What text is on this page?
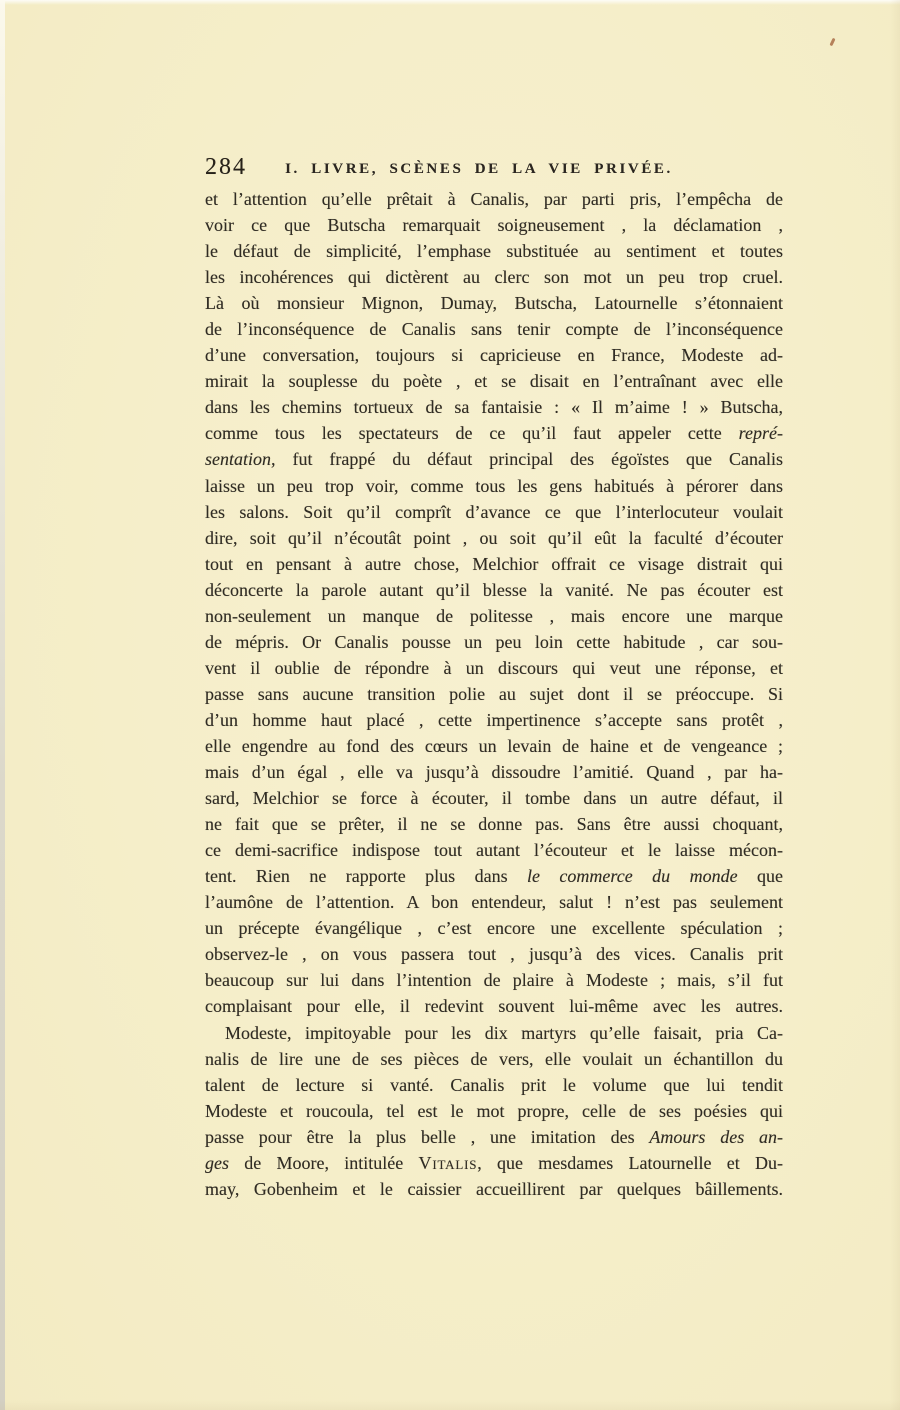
284	I. LIVRE, SCÈNES DE LA VIE PRIVÉE.
et l’attention qu’elle prêtait à Canalis, par parti pris, l’empêcha de
voir ce que Butscha remarquait soigneusement , la déclamation ,
le défaut de simplicité, l’emphase substituée au sentiment et toutes
les incohérences qui dictèrent au clerc son mot un peu trop cruel.
Là où monsieur Mignon, Dumay, Butscha, Latournelle s’étonnaient
de l’inconséquence de Canalis sans tenir compte de l’inconséquence
d’une conversation, toujours si capricieuse en France, Modeste ad-
mirait la souplesse du poète , et se disait en l’entraînant avec elle
dans les chemins tortueux de sa fantaisie : « Il m’aime ! » Butscha,
comme tous les spectateurs de ce qu’il faut appeler cette repré-
sentation, fut frappé du défaut principal des égoïstes que Canalis
laisse un peu trop voir, comme tous les gens habitués à pérorer dans
les salons. Soit qu’il comprît d’avance ce que l’interlocuteur voulait
dire, soit qu’il n’écoutât point , ou soit qu’il eût la faculté d’écouter
tout en pensant à autre chose, Melchior offrait ce visage distrait qui
déconcerte la parole autant qu’il blesse la vanité. Ne pas écouter est
non-seulement un manque de politesse , mais encore une marque
de mépris. Or Canalis pousse un peu loin cette habitude , car sou-
vent il oublie de répondre à un discours qui veut une réponse, et
passe sans aucune transition polie au sujet dont il se préoccupe. Si
d’un homme haut placé , cette impertinence s’accepte sans protêt ,
elle engendre au fond des cœurs un levain de haine et de vengeance ;
mais d’un égal , elle va jusqu’à dissoudre l’amitié. Quand , par ha-
sard, Melchior se force à écouter, il tombe dans un autre défaut, il
ne fait que se prêter, il ne se donne pas. Sans être aussi choquant,
ce demi-sacrifice indispose tout autant l’écouteur et le laisse mécon-
tent. Rien ne rapporte plus dans le commerce du monde que
l’aumône de l’attention. A bon entendeur, salut ! n’est pas seulement
un précepte évangélique , c’est encore une excellente spéculation ;
observez-le , on vous passera tout , jusqu’à des vices. Canalis prit
beaucoup sur lui dans l’intention de plaire à Modeste ; mais, s’il fut
complaisant pour elle, il redevint souvent lui-même avec les autres.
Modeste, impitoyable pour les dix martyrs qu’elle faisait, pria Ca-
nalis de lire une de ses pièces de vers, elle voulait un échantillon du
talent de lecture si vanté. Canalis prit le volume que lui tendit
Modeste et roucoula, tel est le mot propre, celle de ses poésies qui
passe pour être la plus belle , une imitation des Amours des an-
ges de Moore, intitulée Vitalis, que mesdames Latournelle et Du-
may, Gobenheim et le caissier accueillirent par quelques bâillements.
